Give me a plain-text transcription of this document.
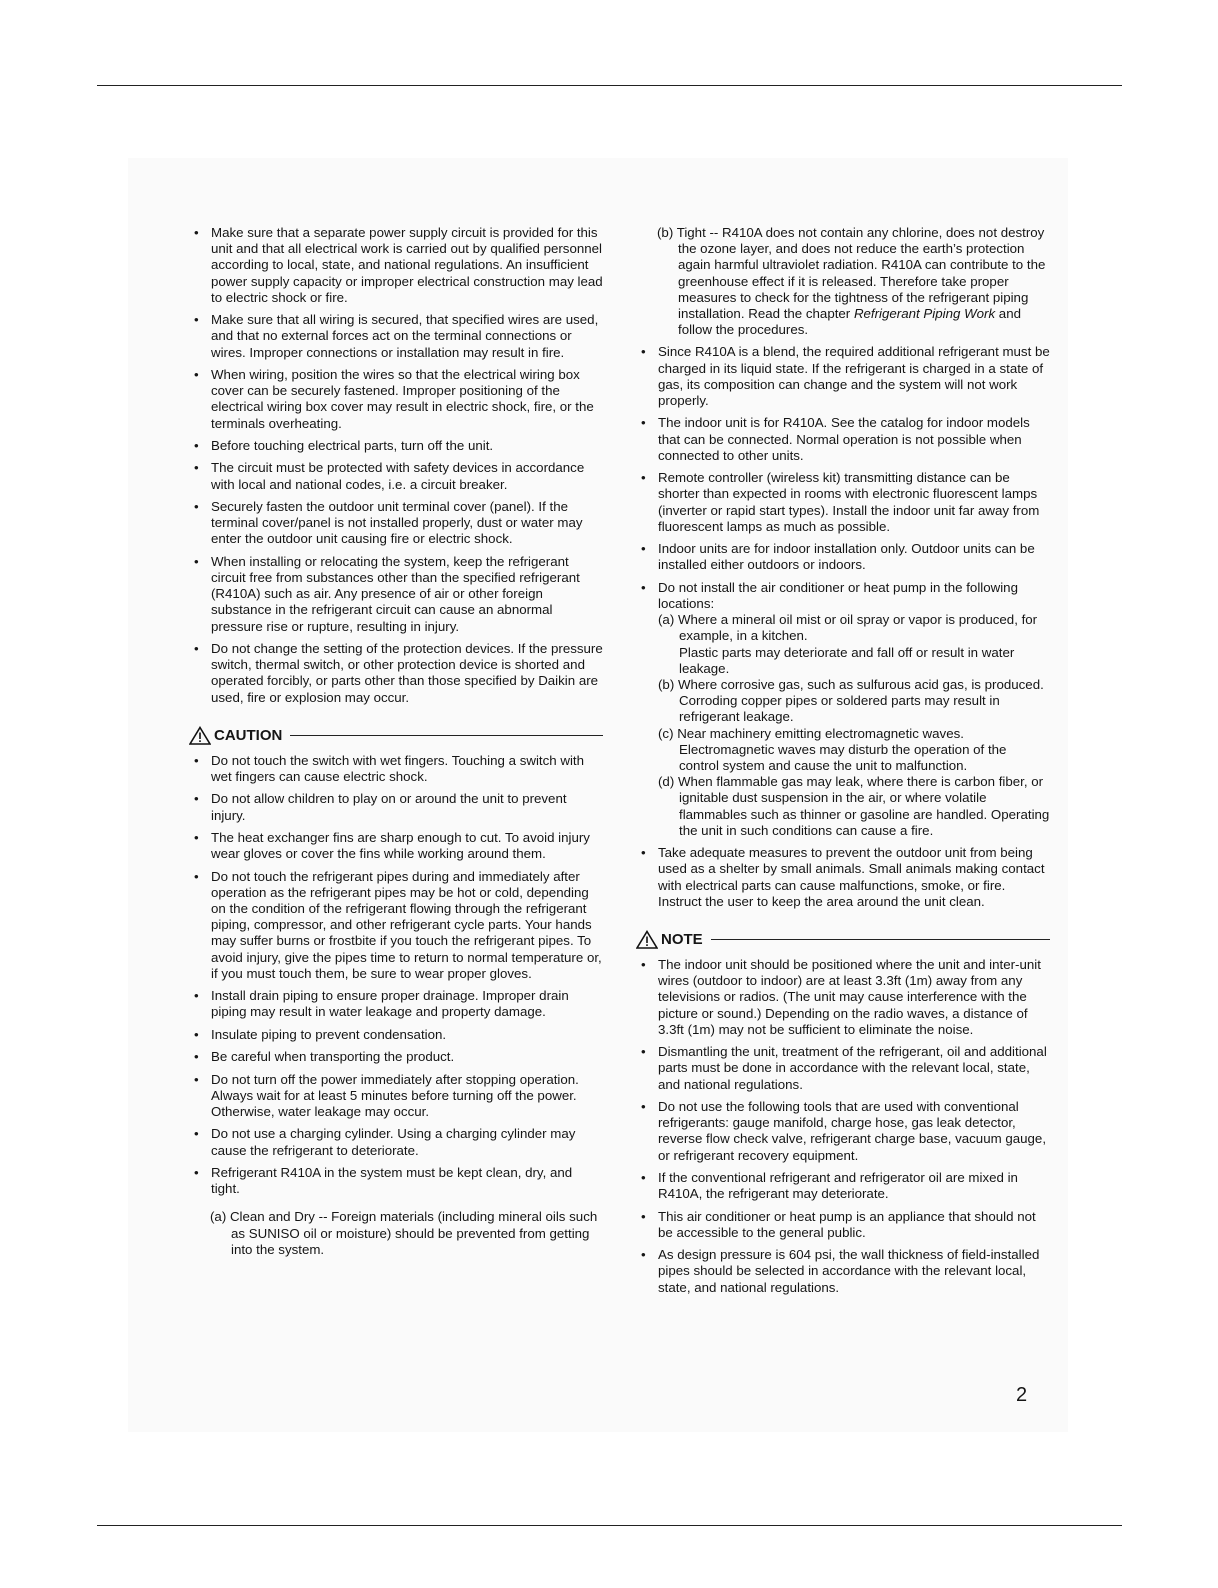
• Make sure that a separate power supply circuit is provided for this unit and that all electrical work is carried out by qualified personnel according to local, state, and national regulations. An insufficient power supply capacity or improper electrical construction may lead to electric shock or fire.
• Make sure that all wiring is secured, that specified wires are used, and that no external forces act on the terminal connections or wires. Improper connections or installation may result in fire.
• When wiring, position the wires so that the electrical wiring box cover can be securely fastened. Improper positioning of the electrical wiring box cover may result in electric shock, fire, or the terminals overheating.
• Before touching electrical parts, turn off the unit.
• The circuit must be protected with safety devices in accordance with local and national codes, i.e. a circuit breaker.
• Securely fasten the outdoor unit terminal cover (panel). If the terminal cover/panel is not installed properly, dust or water may enter the outdoor unit causing fire or electric shock.
• When installing or relocating the system, keep the refrigerant circuit free from substances other than the specified refrigerant (R410A) such as air. Any presence of air or other foreign substance in the refrigerant circuit can cause an abnormal pressure rise or rupture, resulting in injury.
• Do not change the setting of the protection devices. If the pressure switch, thermal switch, or other protection device is shorted and operated forcibly, or parts other than those specified by Daikin are used, fire or explosion may occur.
CAUTION
• Do not touch the switch with wet fingers. Touching a switch with wet fingers can cause electric shock.
• Do not allow children to play on or around the unit to prevent injury.
• The heat exchanger fins are sharp enough to cut. To avoid injury wear gloves or cover the fins while working around them.
• Do not touch the refrigerant pipes during and immediately after operation as the refrigerant pipes may be hot or cold, depending on the condition of the refrigerant flowing through the refrigerant piping, compressor, and other refrigerant cycle parts. Your hands may suffer burns or frostbite if you touch the refrigerant pipes. To avoid injury, give the pipes time to return to normal temperature or, if you must touch them, be sure to wear proper gloves.
• Install drain piping to ensure proper drainage. Improper drain piping may result in water leakage and property damage.
• Insulate piping to prevent condensation.
• Be careful when transporting the product.
• Do not turn off the power immediately after stopping operation. Always wait for at least 5 minutes before turning off the power. Otherwise, water leakage may occur.
• Do not use a charging cylinder. Using a charging cylinder may cause the refrigerant to deteriorate.
• Refrigerant R410A in the system must be kept clean, dry, and tight.
(a) Clean and Dry -- Foreign materials (including mineral oils such as SUNISO oil or moisture) should be prevented from getting into the system.
(b) Tight -- R410A does not contain any chlorine, does not destroy the ozone layer, and does not reduce the earth’s protection again harmful ultraviolet radiation. R410A can contribute to the greenhouse effect if it is released. Therefore take proper measures to check for the tightness of the refrigerant piping installation. Read the chapter Refrigerant Piping Work and follow the procedures.
• Since R410A is a blend, the required additional refrigerant must be charged in its liquid state. If the refrigerant is charged in a state of gas, its composition can change and the system will not work properly.
• The indoor unit is for R410A. See the catalog for indoor models that can be connected. Normal operation is not possible when connected to other units.
• Remote controller (wireless kit) transmitting distance can be shorter than expected in rooms with electronic fluorescent lamps (inverter or rapid start types). Install the indoor unit far away from fluorescent lamps as much as possible.
• Indoor units are for indoor installation only. Outdoor units can be installed either outdoors or indoors.
• Do not install the air conditioner or heat pump in the following locations:
(a) Where a mineral oil mist or oil spray or vapor is produced, for example, in a kitchen.
Plastic parts may deteriorate and fall off or result in water leakage.
(b) Where corrosive gas, such as sulfurous acid gas, is produced.
Corroding copper pipes or soldered parts may result in refrigerant leakage.
(c) Near machinery emitting electromagnetic waves.
Electromagnetic waves may disturb the operation of the control system and cause the unit to malfunction.
(d) When flammable gas may leak, where there is carbon fiber, or ignitable dust suspension in the air, or where volatile flammables such as thinner or gasoline are handled. Operating the unit in such conditions can cause a fire.
• Take adequate measures to prevent the outdoor unit from being used as a shelter by small animals. Small animals making contact with electrical parts can cause malfunctions, smoke, or fire. Instruct the user to keep the area around the unit clean.
NOTE
• The indoor unit should be positioned where the unit and inter-unit wires (outdoor to indoor) are at least 3.3ft (1m) away from any televisions or radios. (The unit may cause interference with the picture or sound.) Depending on the radio waves, a distance of 3.3ft (1m) may not be sufficient to eliminate the noise.
• Dismantling the unit, treatment of the refrigerant, oil and additional parts must be done in accordance with the relevant local, state, and national regulations.
• Do not use the following tools that are used with conventional refrigerants: gauge manifold, charge hose, gas leak detector, reverse flow check valve, refrigerant charge base, vacuum gauge, or refrigerant recovery equipment.
• If the conventional refrigerant and refrigerator oil are mixed in R410A, the refrigerant may deteriorate.
• This air conditioner or heat pump is an appliance that should not be accessible to the general public.
• As design pressure is 604 psi, the wall thickness of field-installed pipes should be selected in accordance with the relevant local, state, and national regulations.
2
